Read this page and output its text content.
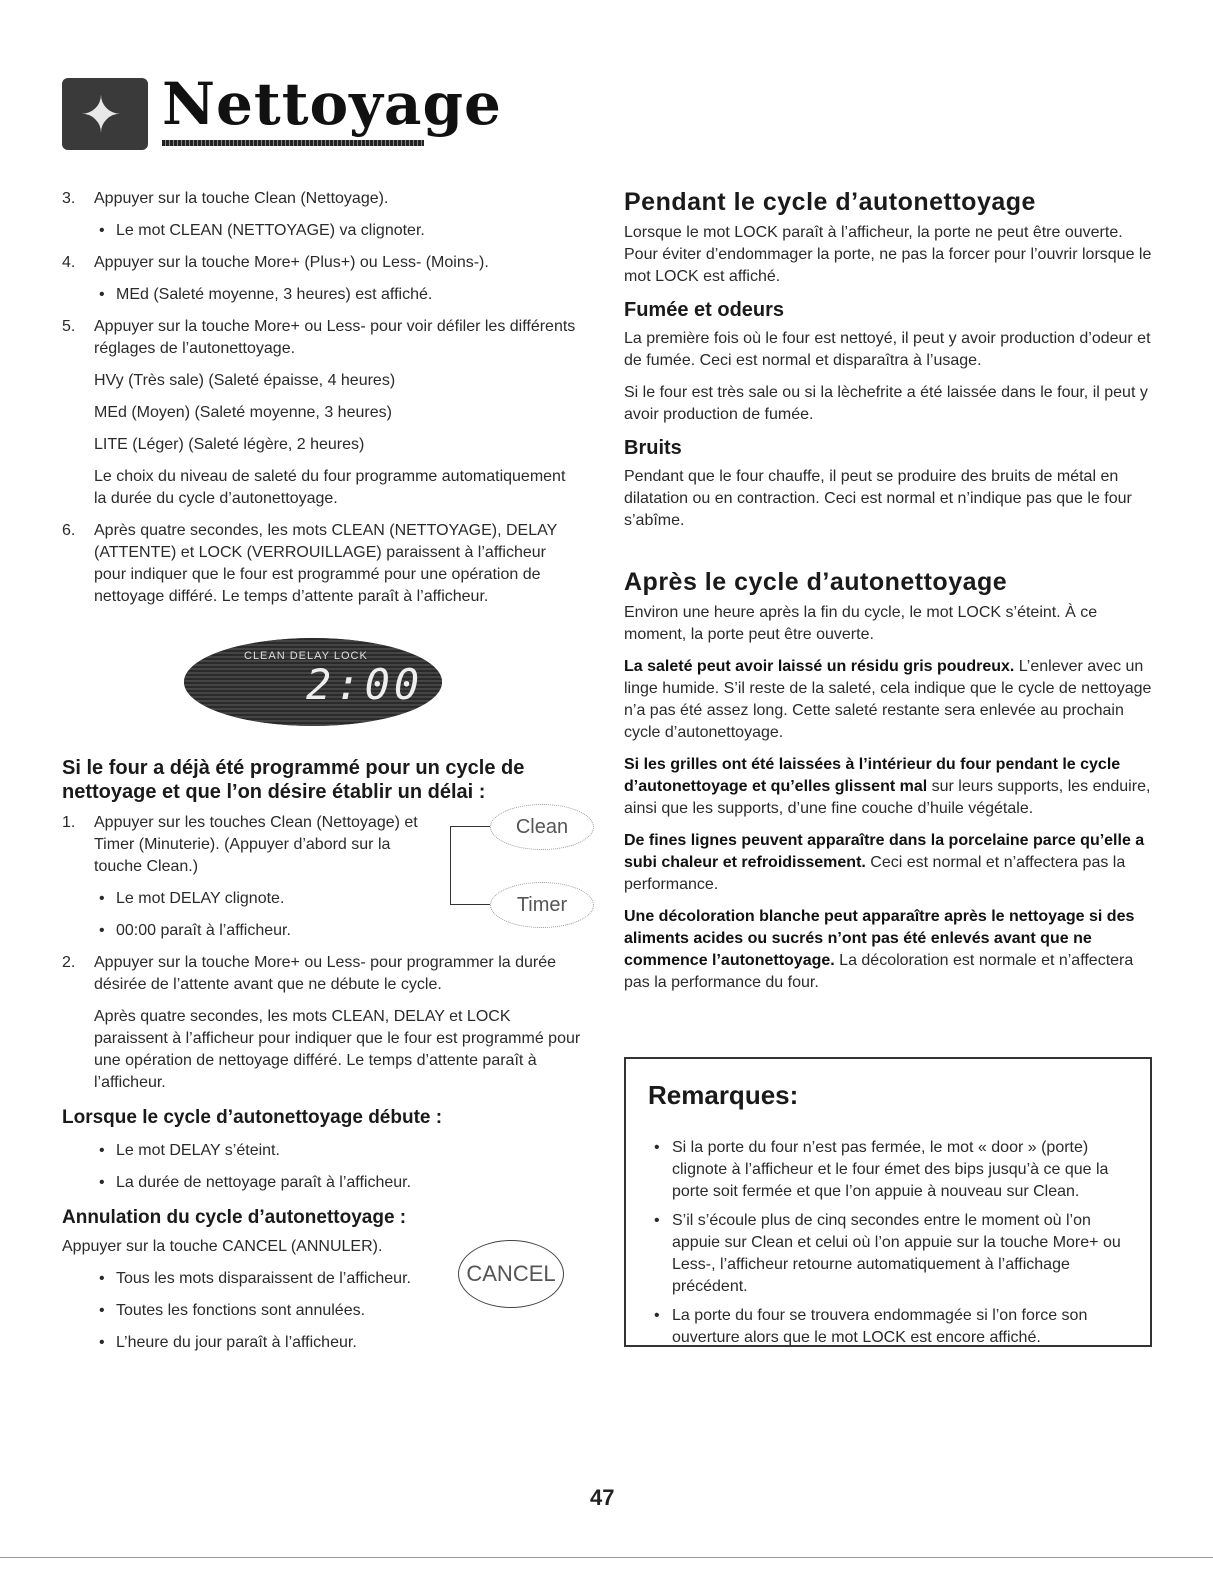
✦ Nettoyage
3. Appuyer sur la touche Clean (Nettoyage).
• Le mot CLEAN (NETTOYAGE) va clignoter.
4. Appuyer sur la touche More+ (Plus+) ou Less- (Moins-).
• MEd (Saleté moyenne, 3 heures) est affiché.
5. Appuyer sur la touche More+ ou Less- pour voir défiler les différents réglages de l’autonettoyage.
HVy (Très sale) (Saleté épaisse, 4 heures)
MEd (Moyen) (Saleté moyenne, 3 heures)
LITE (Léger) (Saleté légère, 2 heures)
Le choix du niveau de saleté du four programme automatiquement la durée du cycle d’autonettoyage.
6. Après quatre secondes, les mots CLEAN (NETTOYAGE), DELAY (ATTENTE) et LOCK (VERROUILLAGE) paraissent à l’afficheur pour indiquer que le four est programmé pour une opération de nettoyage différé. Le temps d’attente paraît à l’afficheur.
CLEAN DELAY LOCK
2:00
Si le four a déjà été programmé pour un cycle de nettoyage et que l’on désire établir un délai :
1. Appuyer sur les touches Clean (Nettoyage) et Timer (Minuterie). (Appuyer d’abord sur la touche Clean.)
• Le mot DELAY clignote.
• 00:00 paraît à l’afficheur.
Clean
Timer
2. Appuyer sur la touche More+ ou Less- pour programmer la durée désirée de l’attente avant que ne débute le cycle.
Après quatre secondes, les mots CLEAN, DELAY et LOCK paraissent à l’afficheur pour indiquer que le four est programmé pour une opération de nettoyage différé. Le temps d’attente paraît à l’afficheur.
Lorsque le cycle d’autonettoyage débute :
• Le mot DELAY s’éteint.
• La durée de nettoyage paraît à l’afficheur.
Annulation du cycle d’autonettoyage :
Appuyer sur la touche CANCEL (ANNULER).
• Tous les mots disparaissent de l’afficheur.
• Toutes les fonctions sont annulées.
• L’heure du jour paraît à l’afficheur.
CANCEL
Pendant le cycle d’autonettoyage

Lorsque le mot LOCK paraît à l’afficheur, la porte ne peut être ouverte. Pour éviter d’endommager la porte, ne pas la forcer pour l’ouvrir lorsque le mot LOCK est affiché.

Fumée et odeurs

La première fois où le four est nettoyé, il peut y avoir production d’odeur et de fumée. Ceci est normal et disparaîtra à l’usage.

Si le four est très sale ou si la lèchefrite a été laissée dans le four, il peut y avoir production de fumée.

Bruits

Pendant que le four chauffe, il peut se produire des bruits de métal en dilatation ou en contraction. Ceci est normal et n’indique pas que le four s’abîme.

Après le cycle d’autonettoyage

Environ une heure après la fin du cycle, le mot LOCK s’éteint. À ce moment, la porte peut être ouverte.

La saleté peut avoir laissé un résidu gris poudreux. L’enlever avec un linge humide. S’il reste de la saleté, cela indique que le cycle de nettoyage n’a pas été assez long. Cette saleté restante sera enlevée au prochain cycle d’autonettoyage.

Si les grilles ont été laissées à l’intérieur du four pendant le cycle d’autonettoyage et qu’elles glissent mal sur leurs supports, les enduire, ainsi que les supports, d’une fine couche d’huile végétale.

De fines lignes peuvent apparaître dans la porcelaine parce qu’elle a subi chaleur et refroidissement. Ceci est normal et n’affectera pas la performance.

Une décoloration blanche peut apparaître après le nettoyage si des aliments acides ou sucrés n’ont pas été enlevés avant que ne commence l’autonettoyage. La décoloration est normale et n’affectera pas la performance du four.

Remarques:
• Si la porte du four n’est pas fermée, le mot « door » (porte) clignote à l’afficheur et le four émet des bips jusqu’à ce que la porte soit fermée et que l’on appuie à nouveau sur Clean.
• S’il s’écoule plus de cinq secondes entre le moment où l’on appuie sur Clean et celui où l’on appuie sur la touche More+ ou Less-, l’afficheur retourne automatiquement à l’affichage précédent.
• La porte du four se trouvera endommagée si l’on force son ouverture alors que le mot LOCK est encore affiché.
47
